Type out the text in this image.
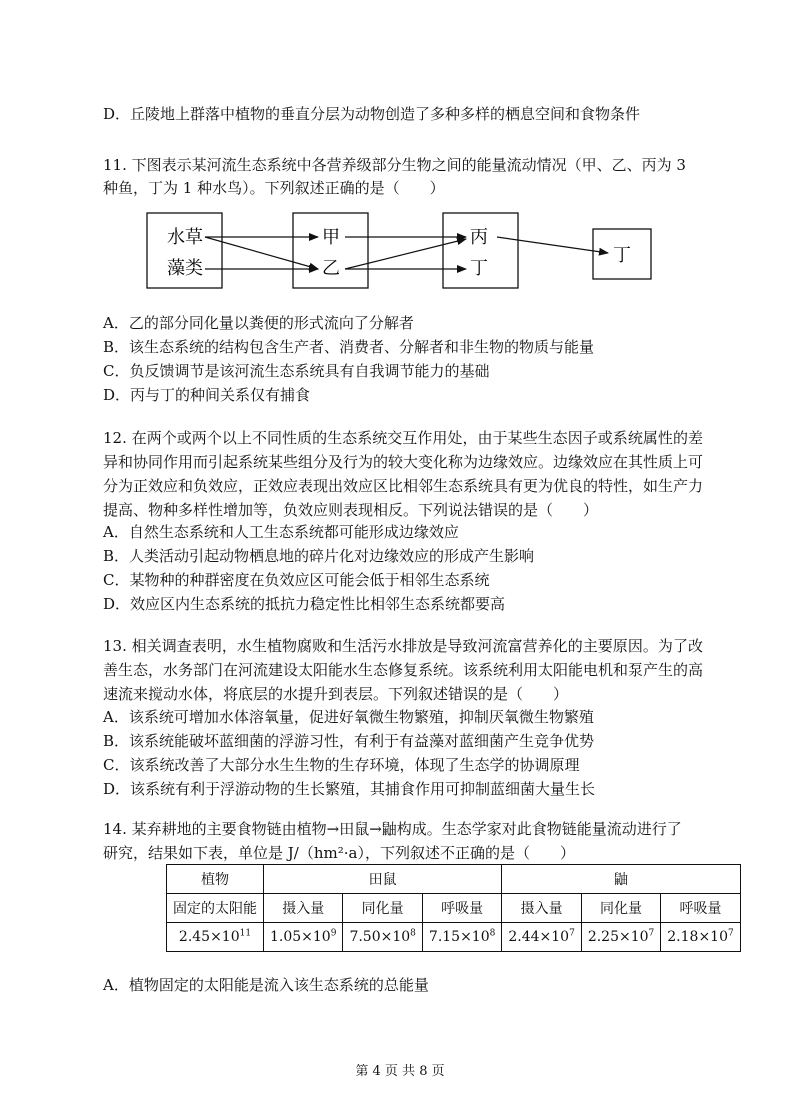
D．丘陵地上群落中植物的垂直分层为动物创造了多种多样的栖息空间和食物条件
11. 下图表示某河流生态系统中各营养级部分生物之间的能量流动情况（甲、乙、丙为 3
种鱼，丁为 1 种水鸟）。下列叙述正确的是（　　）
水草
藻类
甲
乙
丙
丁
丁
A．乙的部分同化量以粪便的形式流向了分解者
B．该生态系统的结构包含生产者、消费者、分解者和非生物的物质与能量
C．负反馈调节是该河流生态系统具有自我调节能力的基础
D．丙与丁的种间关系仅有捕食
12. 在两个或两个以上不同性质的生态系统交互作用处，由于某些生态因子或系统属性的差异和协同作用而引起系统某些组分及行为的较大变化称为边缘效应。边缘效应在其性质上可分为正效应和负效应，正效应表现出效应区比相邻生态系统具有更为优良的特性，如生产力提高、物种多样性增加等，负效应则表现相反。下列说法错误的是（　　）
A．自然生态系统和人工生态系统都可能形成边缘效应
B．人类活动引起动物栖息地的碎片化对边缘效应的形成产生影响
C．某物种的种群密度在负效应区可能会低于相邻生态系统
D．效应区内生态系统的抵抗力稳定性比相邻生态系统都要高
13. 相关调查表明，水生植物腐败和生活污水排放是导致河流富营养化的主要原因。为了改善生态，水务部门在河流建设太阳能水生态修复系统。该系统利用太阳能电机和泵产生的高速流来搅动水体，将底层的水提升到表层。下列叙述错误的是（　　）
A．该系统可增加水体溶氧量，促进好氧微生物繁殖，抑制厌氧微生物繁殖
B．该系统能破坏蓝细菌的浮游习性，有利于有益藻对蓝细菌产生竞争优势
C．该系统改善了大部分水生生物的生存环境，体现了生态学的协调原理
D．该系统有利于浮游动物的生长繁殖，其捕食作用可抑制蓝细菌大量生长
14. 某弃耕地的主要食物链由植物→田鼠→鼬构成。生态学家对此食物链能量流动进行了
研究，结果如下表，单位是 J/（hm²·a），下列叙述不正确的是（　　）
植物	田鼠			鼬		
固定的太阳能	摄入量	同化量	呼吸量	摄入量	同化量	呼吸量
$2.45\times 10^{11}$	$1.05\times 10^9$	$7.50\times 10^8$	$7.15\times 10^8$	$2.44\times 10^7$	$2.25\times 10^7$	$2.18\times 10^7$
A．植物固定的太阳能是流入该生态系统的总能量
第 4 页 共 8 页
